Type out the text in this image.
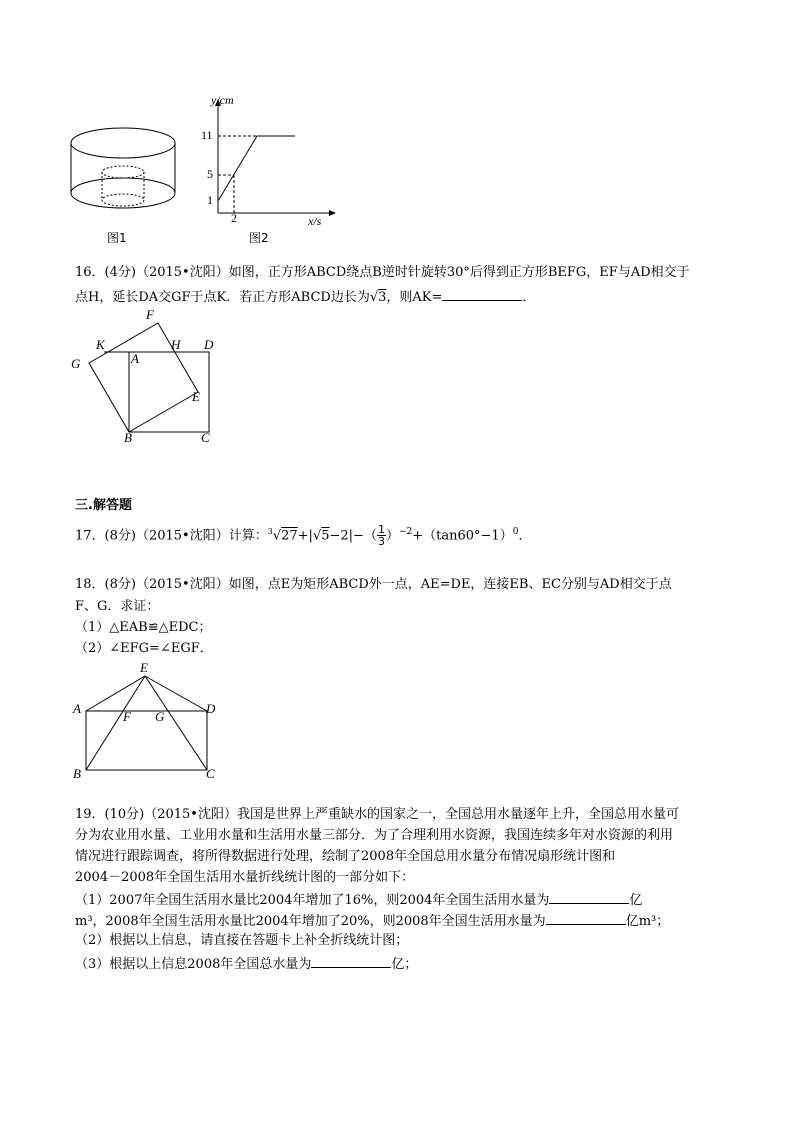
图1
y/cm
x/s
11
5
1
2
图2
16．(4分)（2015•沈阳）如图，正方形ABCD绕点B逆时针旋转30°后得到正方形BEFG，EF与AD相交于
点H，延长DA交GF于点K．若正方形ABCD边长为√3，则AK=	．
F
K	H D
G	A
E
B	C
三.解答题
17．(8分)（2015•沈阳）计算：$^3√27+|√5-2|-( \frac{1}{3} )^{-2}+(\tan 60^\circ-1)^0$．
18．(8分)（2015•沈阳）如图，点E为矩形ABCD外一点，AE=DE，连接EB、EC分别与AD相交于点
F、G．求证：
（1）△EAB≌△EDC；
（2）∠EFG=∠EGF．
E
A
F G
D
B	C
19．(10分)（2015•沈阳）我国是世界上严重缺水的国家之一，全国总用水量逐年上升，全国总用水量可
分为农业用水量、工业用水量和生活用水量三部分．为了合理利用水资源，我国连续多年对水资源的利用
情况进行跟踪调查，将所得数据进行处理，绘制了2008年全国总用水量分布情况扇形统计图和
2004－2008年全国生活用水量折线统计图的一部分如下：
（1）2007年全国生活用水量比2004年增加了16%，则2004年全国生活用水量为	亿
m³，2008年全国生活用水量比2004年增加了20%，则2008年全国生活用水量为	亿m³；
（2）根据以上信息，请直接在答题卡上补全折线统计图；
（3）根据以上信息2008年全国总水量为	亿；
